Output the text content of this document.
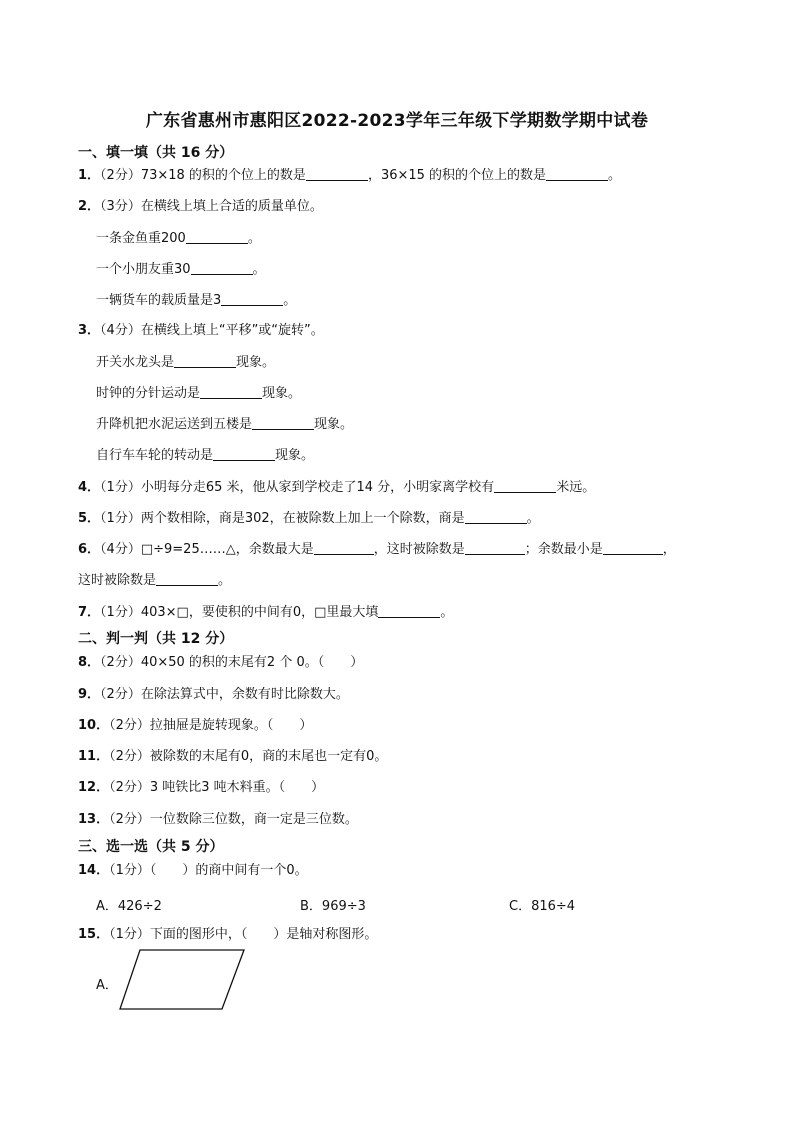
广东省惠州市惠阳区2022-2023学年三年级下学期数学期中试卷
一、填一填（共 16 分）
1．（2分）73×18 的积的个位上的数是	，36×15 的积的个位上的数是	。
2．（3分）在横线上填上合适的质量单位。
一条金鱼重200	。
一个小朋友重30	。
一辆货车的载质量是3	。
3．（4分）在横线上填上“平移”或“旋转”。
开关水龙头是	现象。
时钟的分针运动是	现象。
升降机把水泥运送到五楼是	现象。
自行车车轮的转动是	现象。
4．（1分）小明每分走65 米，他从家到学校走了14 分，小明家离学校有	米远。
5．（1分）两个数相除，商是302，在被除数上加上一个除数，商是	。
6．（4分）□÷9=25……△，余数最大是	，这时被除数是	；余数最小是	，
这时被除数是	。
7．（1分）403×□，要使积的中间有0，□里最大填	。
二、判一判（共 12 分）
8．（2分）40×50 的积的末尾有2 个 0。（　　）
9．（2分）在除法算式中，余数有时比除数大。
10．（2分）拉抽屉是旋转现象。（　　）
11．（2分）被除数的末尾有0，商的末尾也一定有0。
12．（2分）3 吨铁比3 吨木料重。（　　）
13．（2分）一位数除三位数，商一定是三位数。
三、选一选（共 5 分）
14．（1分）（　　）的商中间有一个0。
A．426÷2	B．969÷3	C．816÷4
15．（1分）下面的图形中，（　　）是轴对称图形。
A．
